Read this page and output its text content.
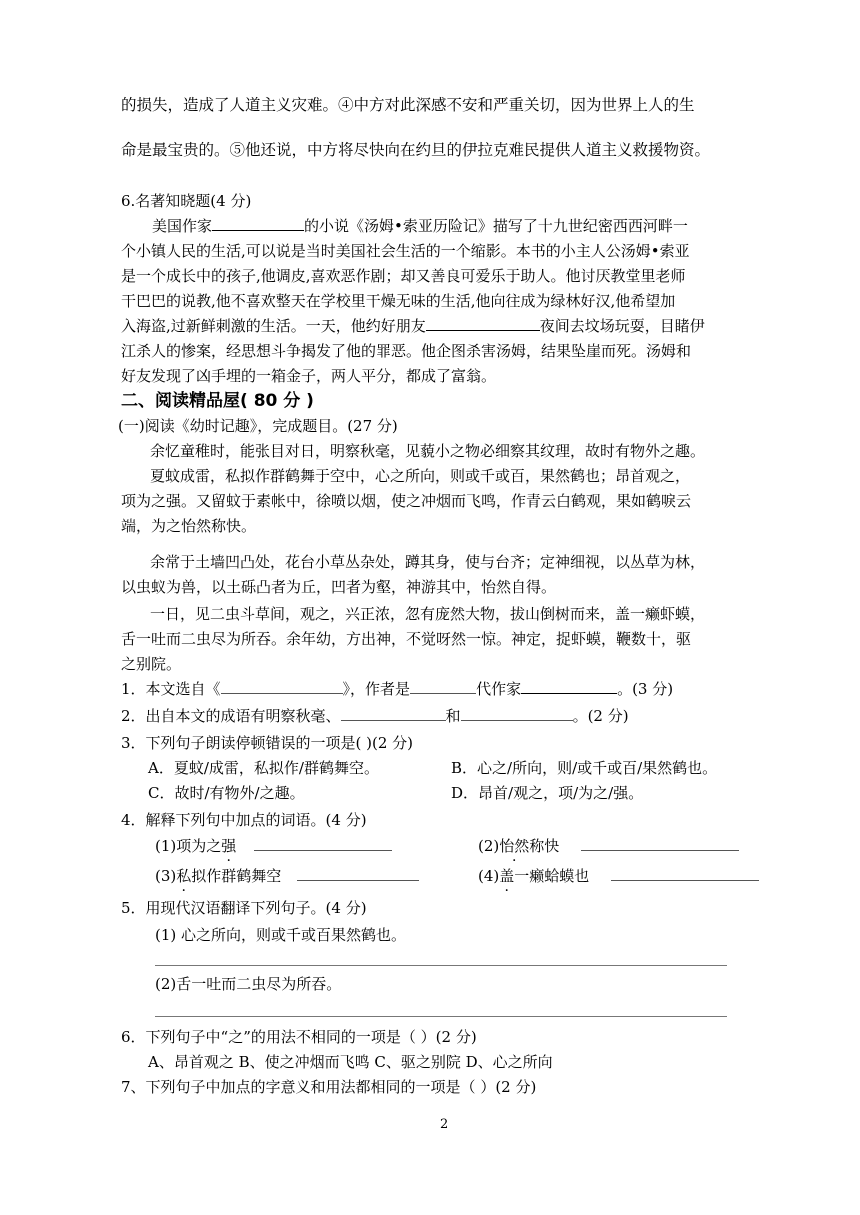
的损失，造成了人道主义灾难。④中方对此深感不安和严重关切，因为世界上人的生
命是最宝贵的。⑤他还说，中方将尽快向在约旦的伊拉克难民提供人道主义救援物资。
6.名著知晓题(4 分)
美国作家	的小说《汤姆•索亚历险记》描写了十九世纪密西西河畔一
个小镇人民的生活,可以说是当时美国社会生活的一个缩影。本书的小主人公汤姆•索亚
是一个成长中的孩子,他调皮,喜欢恶作剧；却又善良可爱乐于助人。他讨厌教堂里老师
干巴巴的说教,他不喜欢整天在学校里干燥无味的生活,他向往成为绿林好汉,他希望加
入海盗,过新鲜刺激的生活。一天，他约好朋友	夜间去坟场玩耍，目睹伊
江杀人的惨案，经思想斗争揭发了他的罪恶。他企图杀害汤姆，结果坠崖而死。汤姆和
好友发现了凶手埋的一箱金子，两人平分，都成了富翁。
二、阅读精品屋( 80 分 )
(一)阅读《幼时记趣》，完成题目。(27 分)
余忆童稚时，能张目对日，明察秋毫，见藐小之物必细察其纹理，故时有物外之趣。
夏蚊成雷，私拟作群鹤舞于空中，心之所向，则或千或百，果然鹤也；昂首观之，
项为之强。又留蚊于素帐中，徐喷以烟，使之冲烟而飞鸣，作青云白鹤观，果如鹤唳云
端，为之怡然称快。
余常于土墙凹凸处，花台小草丛杂处，蹲其身，使与台齐；定神细视，以丛草为林，
以虫蚁为兽，以土砾凸者为丘，凹者为壑，神游其中，怡然自得。
一日，见二虫斗草间，观之，兴正浓，忽有庞然大物，拔山倒树而来，盖一癞虾蟆，
舌一吐而二虫尽为所吞。余年幼，方出神，不觉呀然一惊。神定，捉虾蟆，鞭数十，驱
之别院。
1．本文选自《	》，作者是	代作家	。(3 分)
2．出自本文的成语有明察秋毫、	和	。(2 分)
3．下列句子朗读停顿错误的一项是( )(2 分)
A．夏蚊/成雷，私拟作/群鹤舞空。	B．心之/所向，则/或千或百/果然鹤也。
C．故时/有物外/之趣。	D．昂首/观之，项/为之/强。
4．解释下列句中加点的词语。(4 分)
(1)项为之强	(2)怡然称快
(3)私拟作群鹤舞空	(4)盖一癞蛤蟆也
5．用现代汉语翻译下列句子。(4 分)
(1) 心之所向，则或千或百果然鹤也。
(2)舌一吐而二虫尽为所吞。
6．下列句子中“之”的用法不相同的一项是（ ）(2 分)
A、昂首观之 B、使之冲烟而飞鸣 C、驱之别院 D、心之所向
7、下列句子中加点的字意义和用法都相同的一项是（ ）(2 分)
2
